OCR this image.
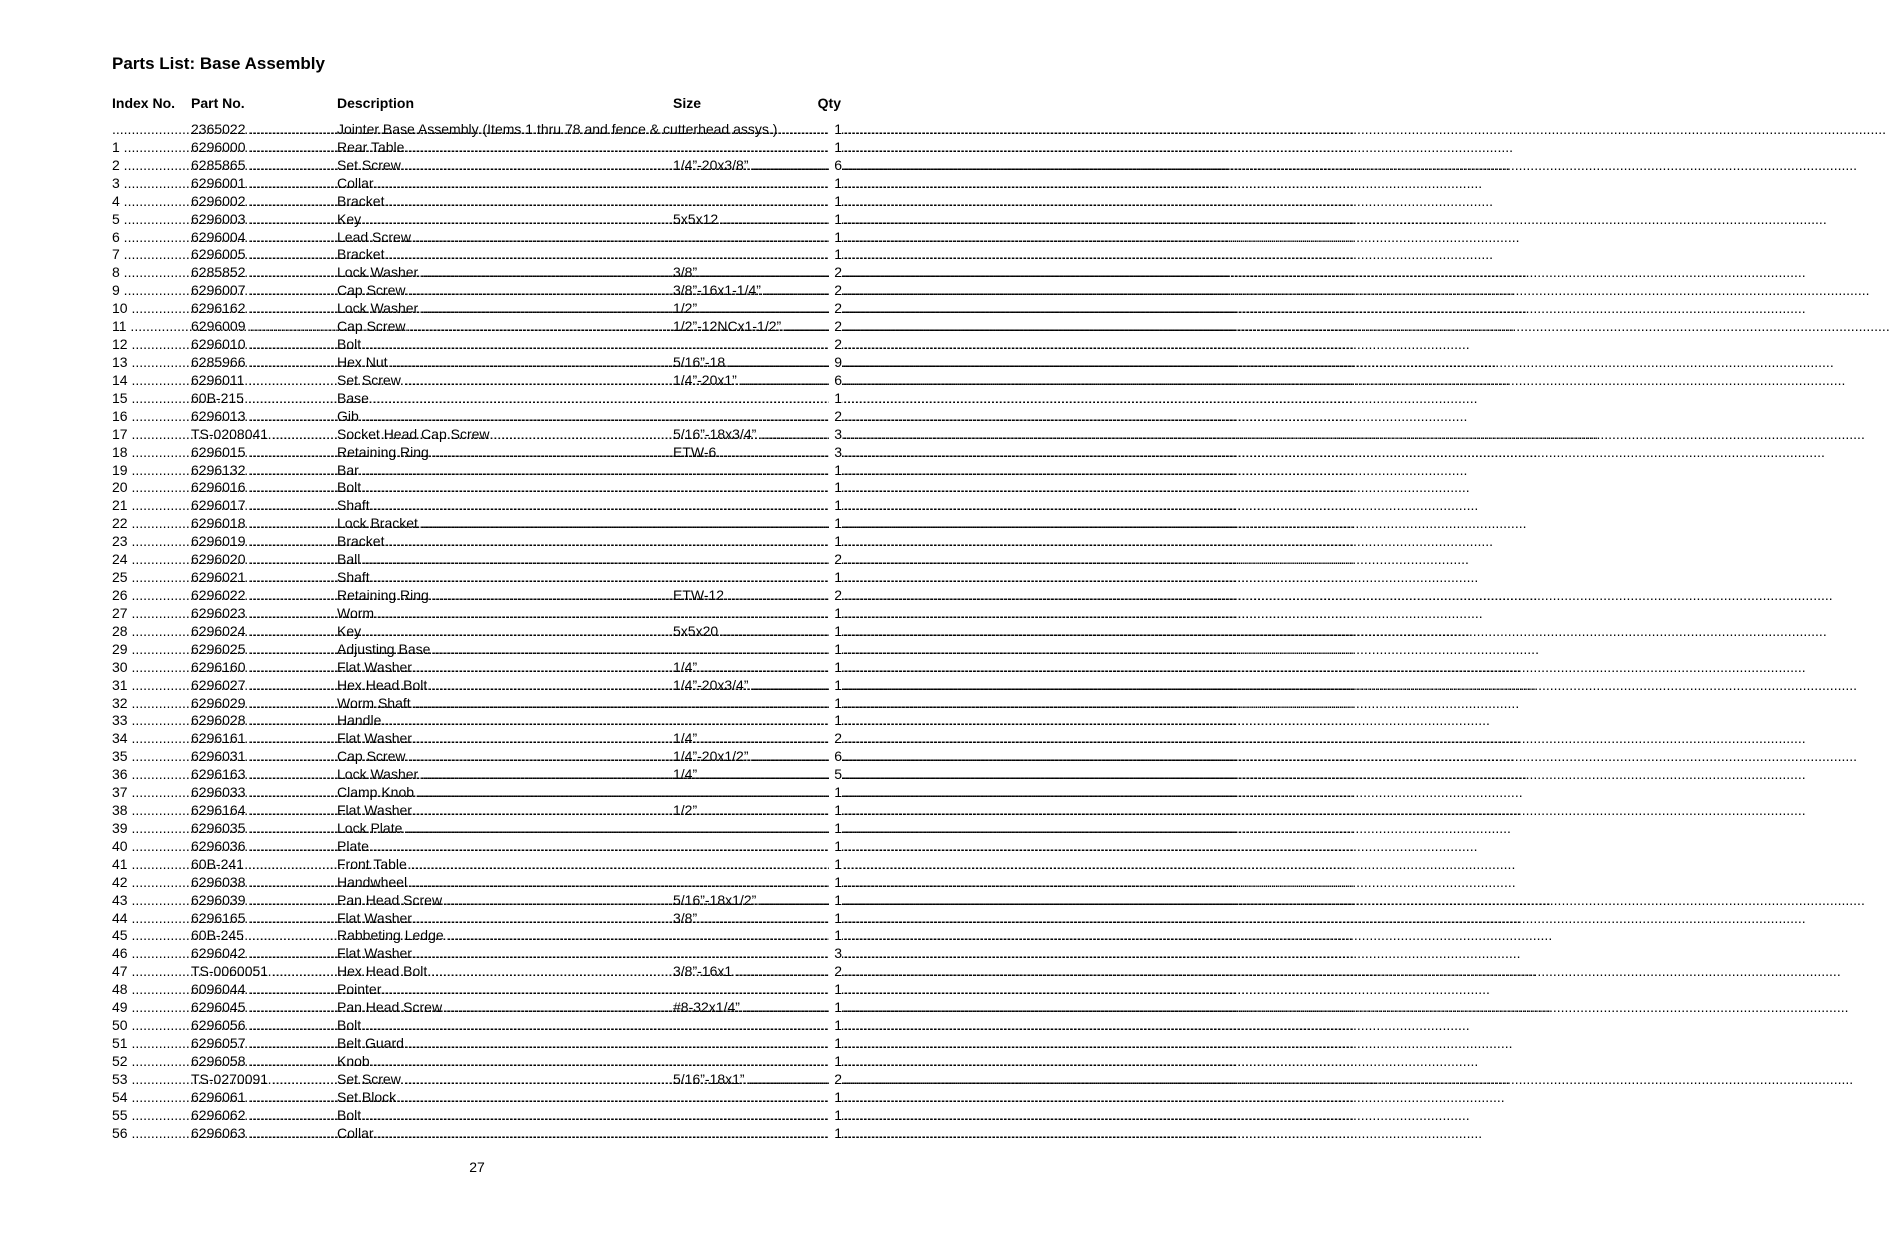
Parts List: Base Assembly
Index No. Part No.	Description	Size	Qty
.....
2365022 .....	Jointer Base Assembly (Items 1 thru 78 and fence & cutterhead assys.) .....	1
1 .....	6296000 .....	Rear Table .....	1
2 .....	6285865 .....	Set Screw .....	1/4”-20x3/8” .....	6
3 .....	6296001 .....	Collar .....	1
4 .....	6296002 .....	Bracket .....	1
5 .....	6296003 .....	Key .....	5x5x12 .....	1
6 .....	6296004 .....	Lead Screw .....	1
7 .....	6296005 .....	Bracket .....	1
8 .....	6285852 .....	Lock Washer .....	3/8” .....	2
9 .....	6296007 .....	Cap Screw .....	3/8”-16x1-1/4” .....	2
10 .....	6296162 .....	Lock Washer .....	1/2” .....	2
11 .....	6296009 .....	Cap Screw .....	1/2”-12NCx1-1/2” .....	2
12 .....	6296010 .....	Bolt .....	2
13 .....	6285966 .....	Hex Nut .....	5/16”-18 .....	9
14 .....	6296011 .....	Set Screw .....	1/4”-20x1” .....	6
15 .....	60B-215 .....	Base .....	1
16 .....	6296013 .....	Gib .....	2
17 .....	TS-0208041 .....	Socket Head Cap Screw .....	5/16”-18x3/4” .....	3
18 .....	6296015 .....	Retaining Ring .....	ETW-6 .....	3
19 .....	6296132 .....	Bar .....	1
20 .....	6296016 .....	Bolt .....	1
21 .....	6296017 .....	Shaft .....	1
22 .....	6296018 .....	Lock Bracket .....	1
23 .....	6296019 .....	Bracket .....	1
24 .....	6296020 .....	Ball .....	2
25 .....	6296021 .....	Shaft .....	1
26 .....	6296022 .....	Retaining Ring .....	ETW-12 .....	2
27 .....	6296023 .....	Worm .....	1
28 .....	6296024 .....	Key .....	5x5x20 .....	1
29 .....	6296025 .....	Adjusting Base .....	1
30 .....	6296160 .....	Flat Washer .....	1/4” .....	1
31 .....	6296027 .....	Hex Head Bolt .....	1/4”-20x3/4” .....	1
32 .....	6296029 .....	Worm Shaft .....	1
33 .....	6296028 .....	Handle .....	1
34 .....	6296161 .....	Flat Washer .....	1/4” .....	2
35 .....	6296031 .....	Cap Screw .....	1/4”-20x1/2” .....	6
36 .....	6296163 .....	Lock Washer .....	1/4” .....	5
37 .....	6296033 .....	Clamp Knob .....	1
38 .....	6296164 .....	Flat Washer .....	1/2” .....	1
39 .....	6296035 .....	Lock Plate .....	1
40 .....	6296036 .....	Plate .....	1
41 .....	60B-241 .....	Front Table .....	1
42 .....	6296038 .....	Handwheel .....	1
43 .....	6296039 .....	Pan Head Screw .....	5/16”-18x1/2” .....	1
44 .....	6296165 .....	Flat Washer .....	3/8” .....	1
45 .....	60B-245 .....	Rabbeting Ledge .....	1
46 .....	6296042 .....	Flat Washer .....	3
47 .....	TS-0060051 .....	Hex Head Bolt .....	3/8”-16x1 .....	2
48 .....	6096044 .....	Pointer .....	1
49 .....	6296045 .....	Pan Head Screw .....	#8-32x1/4” .....	1
50 .....	6296056 .....	Bolt .....	1
51 .....	6296057 .....	Belt Guard .....	1
52 .....	6296058 .....	Knob .....	1
53 .....	TS-0270091 .....	Set Screw .....	5/16”-18x1” .....	2
54 .....	6296061 .....	Set Block .....	1
55 .....	6296062 .....	Bolt .....	1
56 .....	6296063 .....	Collar .....	1
27
